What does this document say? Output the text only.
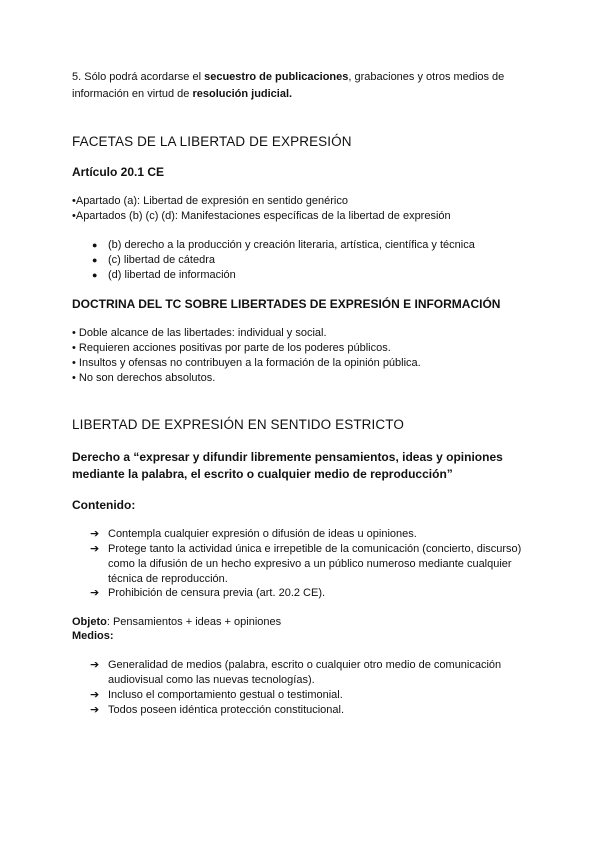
5. Sólo podrá acordarse el secuestro de publicaciones, grabaciones y otros medios de
información en virtud de resolución judicial.
FACETAS DE LA LIBERTAD DE EXPRESIÓN
Artículo 20.1 CE
•Apartado (a): Libertad de expresión en sentido genérico
•Apartados (b) (c) (d): Manifestaciones específicas de la libertad de expresión
● (b) derecho a la producción y creación literaria, artística, científica y técnica
● (c) libertad de cátedra
● (d) libertad de información
DOCTRINA DEL TC SOBRE LIBERTADES DE EXPRESIÓN E INFORMACIÓN
• Doble alcance de las libertades: individual y social.
• Requieren acciones positivas por parte de los poderes públicos.
• Insultos y ofensas no contribuyen a la formación de la opinión pública.
• No son derechos absolutos.
LIBERTAD DE EXPRESIÓN EN SENTIDO ESTRICTO
Derecho a “expresar y difundir libremente pensamientos, ideas y opiniones
mediante la palabra, el escrito o cualquier medio de reproducción”
Contenido:
➔ Contempla cualquier expresión o difusión de ideas u opiniones.
➔ Protege tanto la actividad única e irrepetible de la comunicación (concierto, discurso)
como la difusión de un hecho expresivo a un público numeroso mediante cualquier
técnica de reproducción.
➔ Prohibición de censura previa (art. 20.2 CE).
Objeto: Pensamientos + ideas + opiniones
Medios:
➔ Generalidad de medios (palabra, escrito o cualquier otro medio de comunicación
audiovisual como las nuevas tecnologías).
➔ Incluso el comportamiento gestual o testimonial.
➔ Todos poseen idéntica protección constitucional.
